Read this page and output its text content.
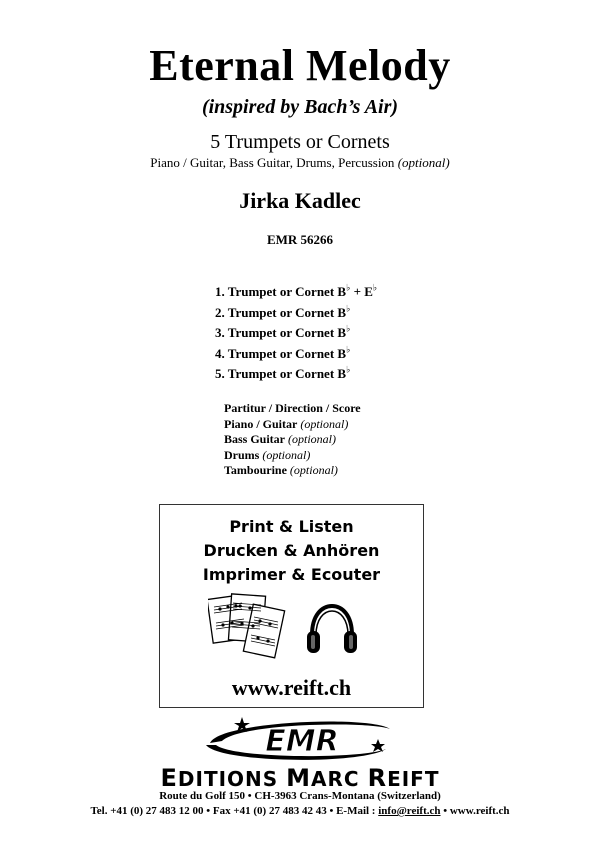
Eternal Melody
(inspired by Bach’s Air)
5 Trumpets or Cornets
Piano / Guitar, Bass Guitar, Drums, Percussion (optional)
Jirka Kadlec
EMR 56266
1. Trumpet or Cornet B♭ + E♭
2. Trumpet or Cornet B♭
3. Trumpet or Cornet B♭
4. Trumpet or Cornet B♭
5. Trumpet or Cornet B♭
Partitur / Direction / Score
Piano / Guitar (optional)
Bass Guitar (optional)
Drums (optional)
Tambourine (optional)
Print & Listen
Drucken & Anhören
Imprimer & Ecouter
www.reift.ch
EMR
EDITIONS MARC REIFT
Route du Golf 150 • CH-3963 Crans-Montana (Switzerland)
Tel. +41 (0) 27 483 12 00 • Fax +41 (0) 27 483 42 43 • E-Mail : info@reift.ch • www.reift.ch
